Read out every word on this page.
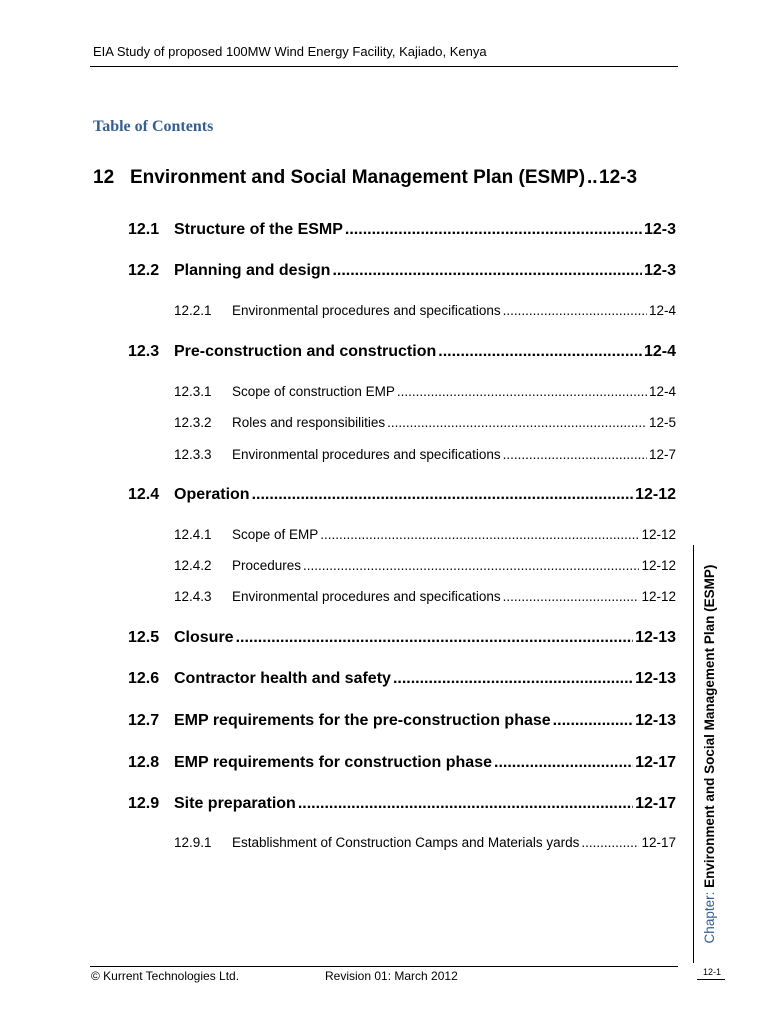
EIA Study of proposed 100MW Wind Energy Facility, Kajiado, Kenya
Table of Contents
12 Environment and Social Management Plan (ESMP) ..... 12-3
12.1 Structure of the ESMP .....	12-3
12.2 Planning and design .....	12-3
12.2.1	Environmental procedures and specifications .....	12-4
12.3 Pre-construction and construction .....	12-4
12.3.1	Scope of construction EMP .....	12-4
12.3.2	Roles and responsibilities .....	12-5
12.3.3	Environmental procedures and specifications .....	12-7
12.4 Operation .....	12-12
12.4.1	Scope of EMP .....	12-12
12.4.2	Procedures .....	12-12
12.4.3	Environmental procedures and specifications .....	12-12
12.5 Closure .....	12-13
12.6 Contractor health and safety .....	12-13
12.7 EMP requirements for the pre-construction phase .....	12-13
12.8 EMP requirements for construction phase .....	12-17
12.9 Site preparation .....	12-17
12.9.1	Establishment of Construction Camps and Materials yards .....	12-17
Chapter: Environment and Social Management Plan (ESMP)
© Kurrent Technologies Ltd.	Revision 01: March 2012	12-1
